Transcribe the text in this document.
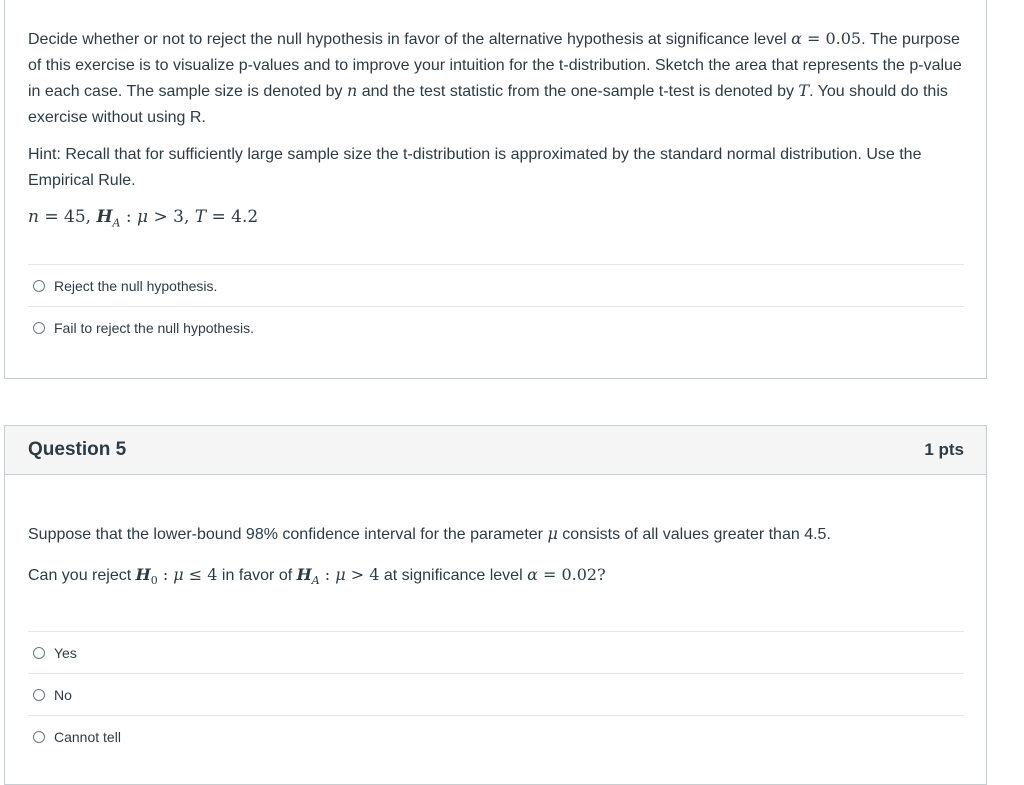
Decide whether or not to reject the null hypothesis in favor of the alternative hypothesis at significance level α = 0.05. The purpose of this exercise is to visualize p-values and to improve your intuition for the t-distribution. Sketch the area that represents the p-value in each case. The sample size is denoted by n and the test statistic from the one-sample t-test is denoted by T. You should do this exercise without using R.

Hint: Recall that for sufficiently large sample size the t-distribution is approximated by the standard normal distribution. Use the Empirical Rule.

n = 45, $H_A$ : μ > 3, T = 4.2
Reject the null hypothesis.
Fail to reject the null hypothesis.
Question 5	1 pts

Suppose that the lower-bound 98% confidence interval for the parameter μ consists of all values greater than 4.5.

Can you reject $H_0$ : μ ≤ 4 in favor of $H_A$ : μ > 4 at significance level α = 0.02?

Yes
No
Cannot tell
